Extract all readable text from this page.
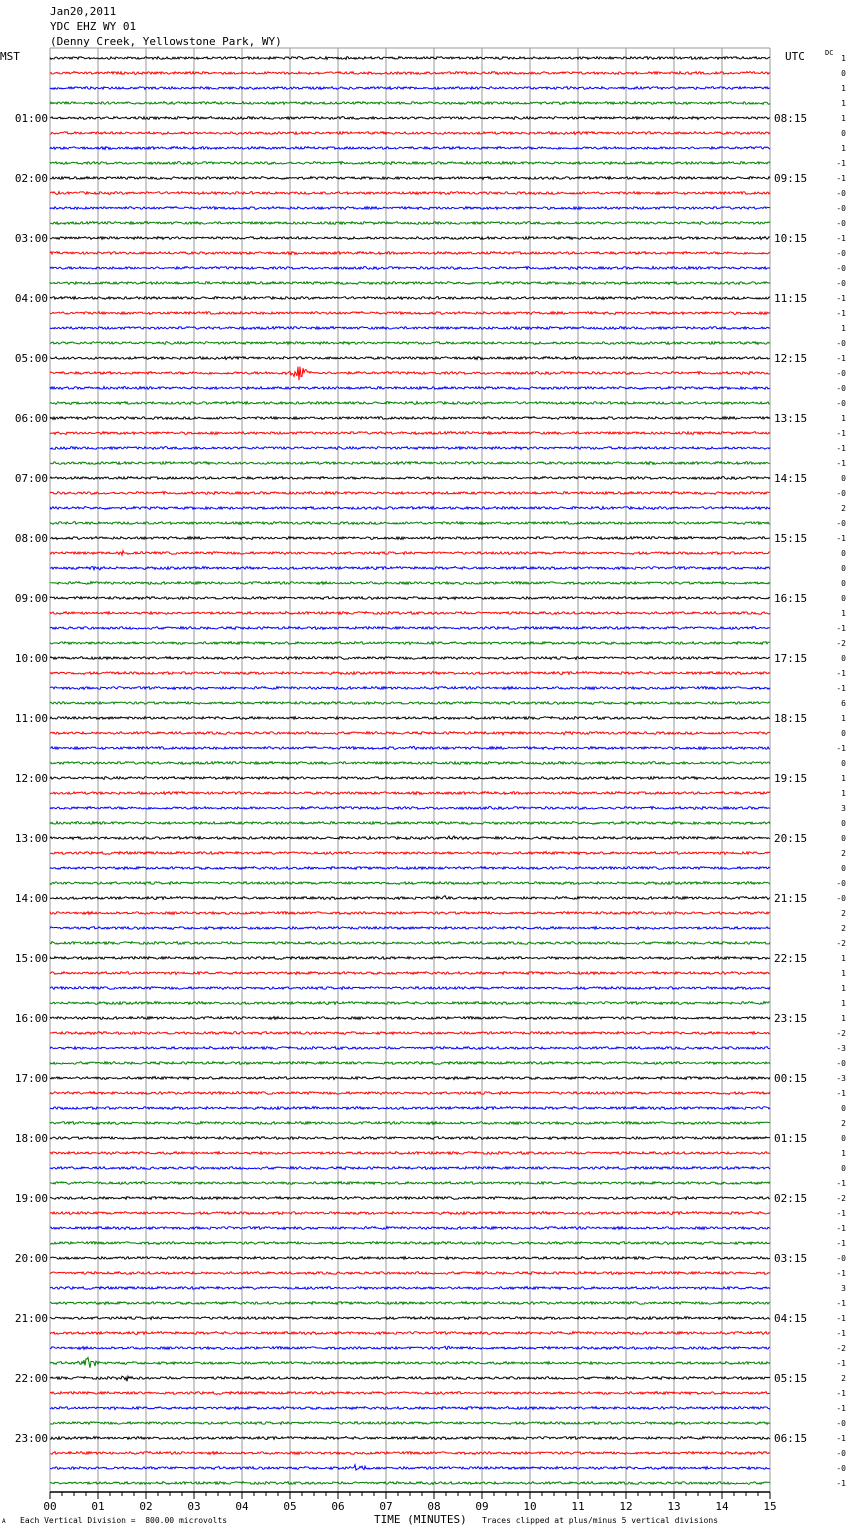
Jan20,2011
YDC EHZ WY 01
(Denny Creek, Yellowstone Park, WY)
MST	UTC	DC
1
0
1
1
1
0
1
-1
-1
-0
-0
-0
-1
-0
-0
-0
-1
-1
1
-0
-1
-0
-0
-0
1
-1
-1
-1
0
-0
2
-0
-1
0
0
0
0
1
-1
-2
0
-1
-1
6
1
0
-1
0
1
1
3
0
0
2
0
-0
-0
2
2
-2
1
1
1
1
1
-2
-3
-0
-3
-1
0
2
0
1
0
-1
-2
-1
-1
-1
-0
-1
3
-1
-1
-1
-2
-1
2
-1
-1
-0
-1
-0
-0
-1
01:00
02:00
03:00
04:00
05:00
06:00
07:00
08:00
09:00
10:00
11:00
12:00
13:00
14:00
15:00
16:00
17:00
18:00
19:00
20:00
21:00
22:00
23:00
08:15
09:15
10:15
11:15
12:15
13:15
14:15
15:15
16:15
17:15
18:15
19:15
20:15
21:15
22:15
23:15
00:15
01:15
02:15
03:15
04:15
05:15
06:15
00	01	02	03	04	05	06	07	08	09	10	11	12	13	14	15
A Each Vertical Division =  800.00 microvolts	TIME (MINUTES) Traces clipped at plus/minus 5 vertical divisions
